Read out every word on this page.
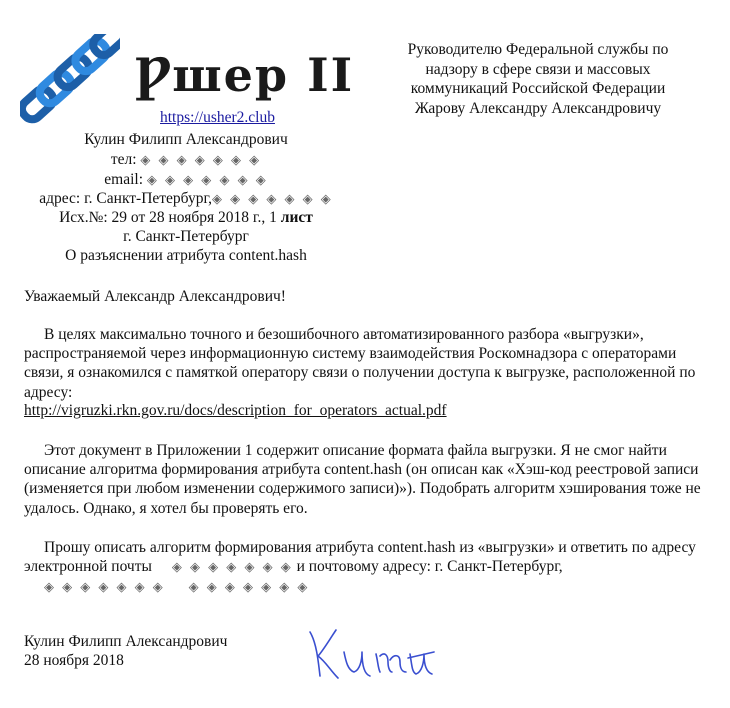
Ƿшер II
https://usher2.club
Руководителю Федеральной службы по
надзору в сфере связи и массовых
коммуникаций Российской Федерации
Жарову Александру Александровичу
Кулин Филипп Александрович
тел: ◈ ◈ ◈ ◈ ◈ ◈ ◈
email: ◈ ◈ ◈ ◈ ◈ ◈ ◈
адрес: г. Санкт-Петербург,◈ ◈ ◈ ◈ ◈ ◈ ◈
Исх.№: 29 от 28 ноября 2018 г., 1 лист
г. Санкт-Петербург
О разъяснении атрибута content.hash
Уважаемый Александр Александрович!
В целях максимально точного и безошибочного автоматизированного разбора «выгрузки», распространяемой через информационную систему взаимодействия Роскомнадзора с операторами связи, я ознакомился с памяткой оператору связи о получении доступа к выгрузке, расположенной по адресу:
http://vigruzki.rkn.gov.ru/docs/description_for_operators_actual.pdf
Этот документ в Приложении 1 содержит описание формата файла выгрузки. Я не смог найти описание алгоритма формирования атрибута content.hash (он описан как «Хэш-код реестровой записи (изменяется при любом изменении содержимого записи)»). Подобрать алгоритм хэширования тоже не удалось. Однако, я хотел бы проверять его.
Прошу описать алгоритм формирования атрибута content.hash из «выгрузки» и ответить по адресу электронной почты ◈ ◈ ◈ ◈ ◈ ◈ ◈ и почтовому адресу: г. Санкт-Петербург, ◈ ◈ ◈ ◈ ◈ ◈ ◈ ◈ ◈ ◈ ◈ ◈ ◈ ◈
Кулин Филипп Александрович
28 ноября 2018
